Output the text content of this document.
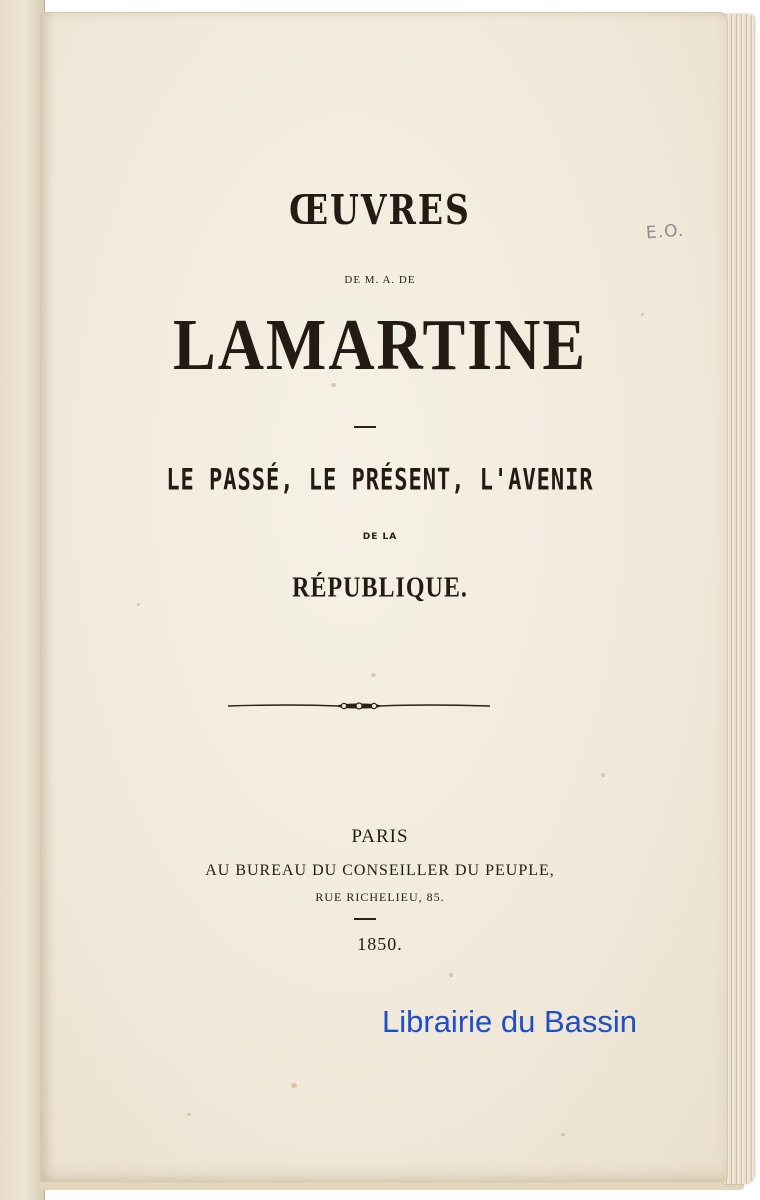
ŒUVRES
DE M. A. DE
LAMARTINE
LE PASSÉ, LE PRÉSENT, L'AVENIR
DE LA
RÉPUBLIQUE.
PARIS
AU BUREAU DU CONSEILLER DU PEUPLE,
RUE RICHELIEU, 85.
1850.
E.O.
Librairie du Bassin
